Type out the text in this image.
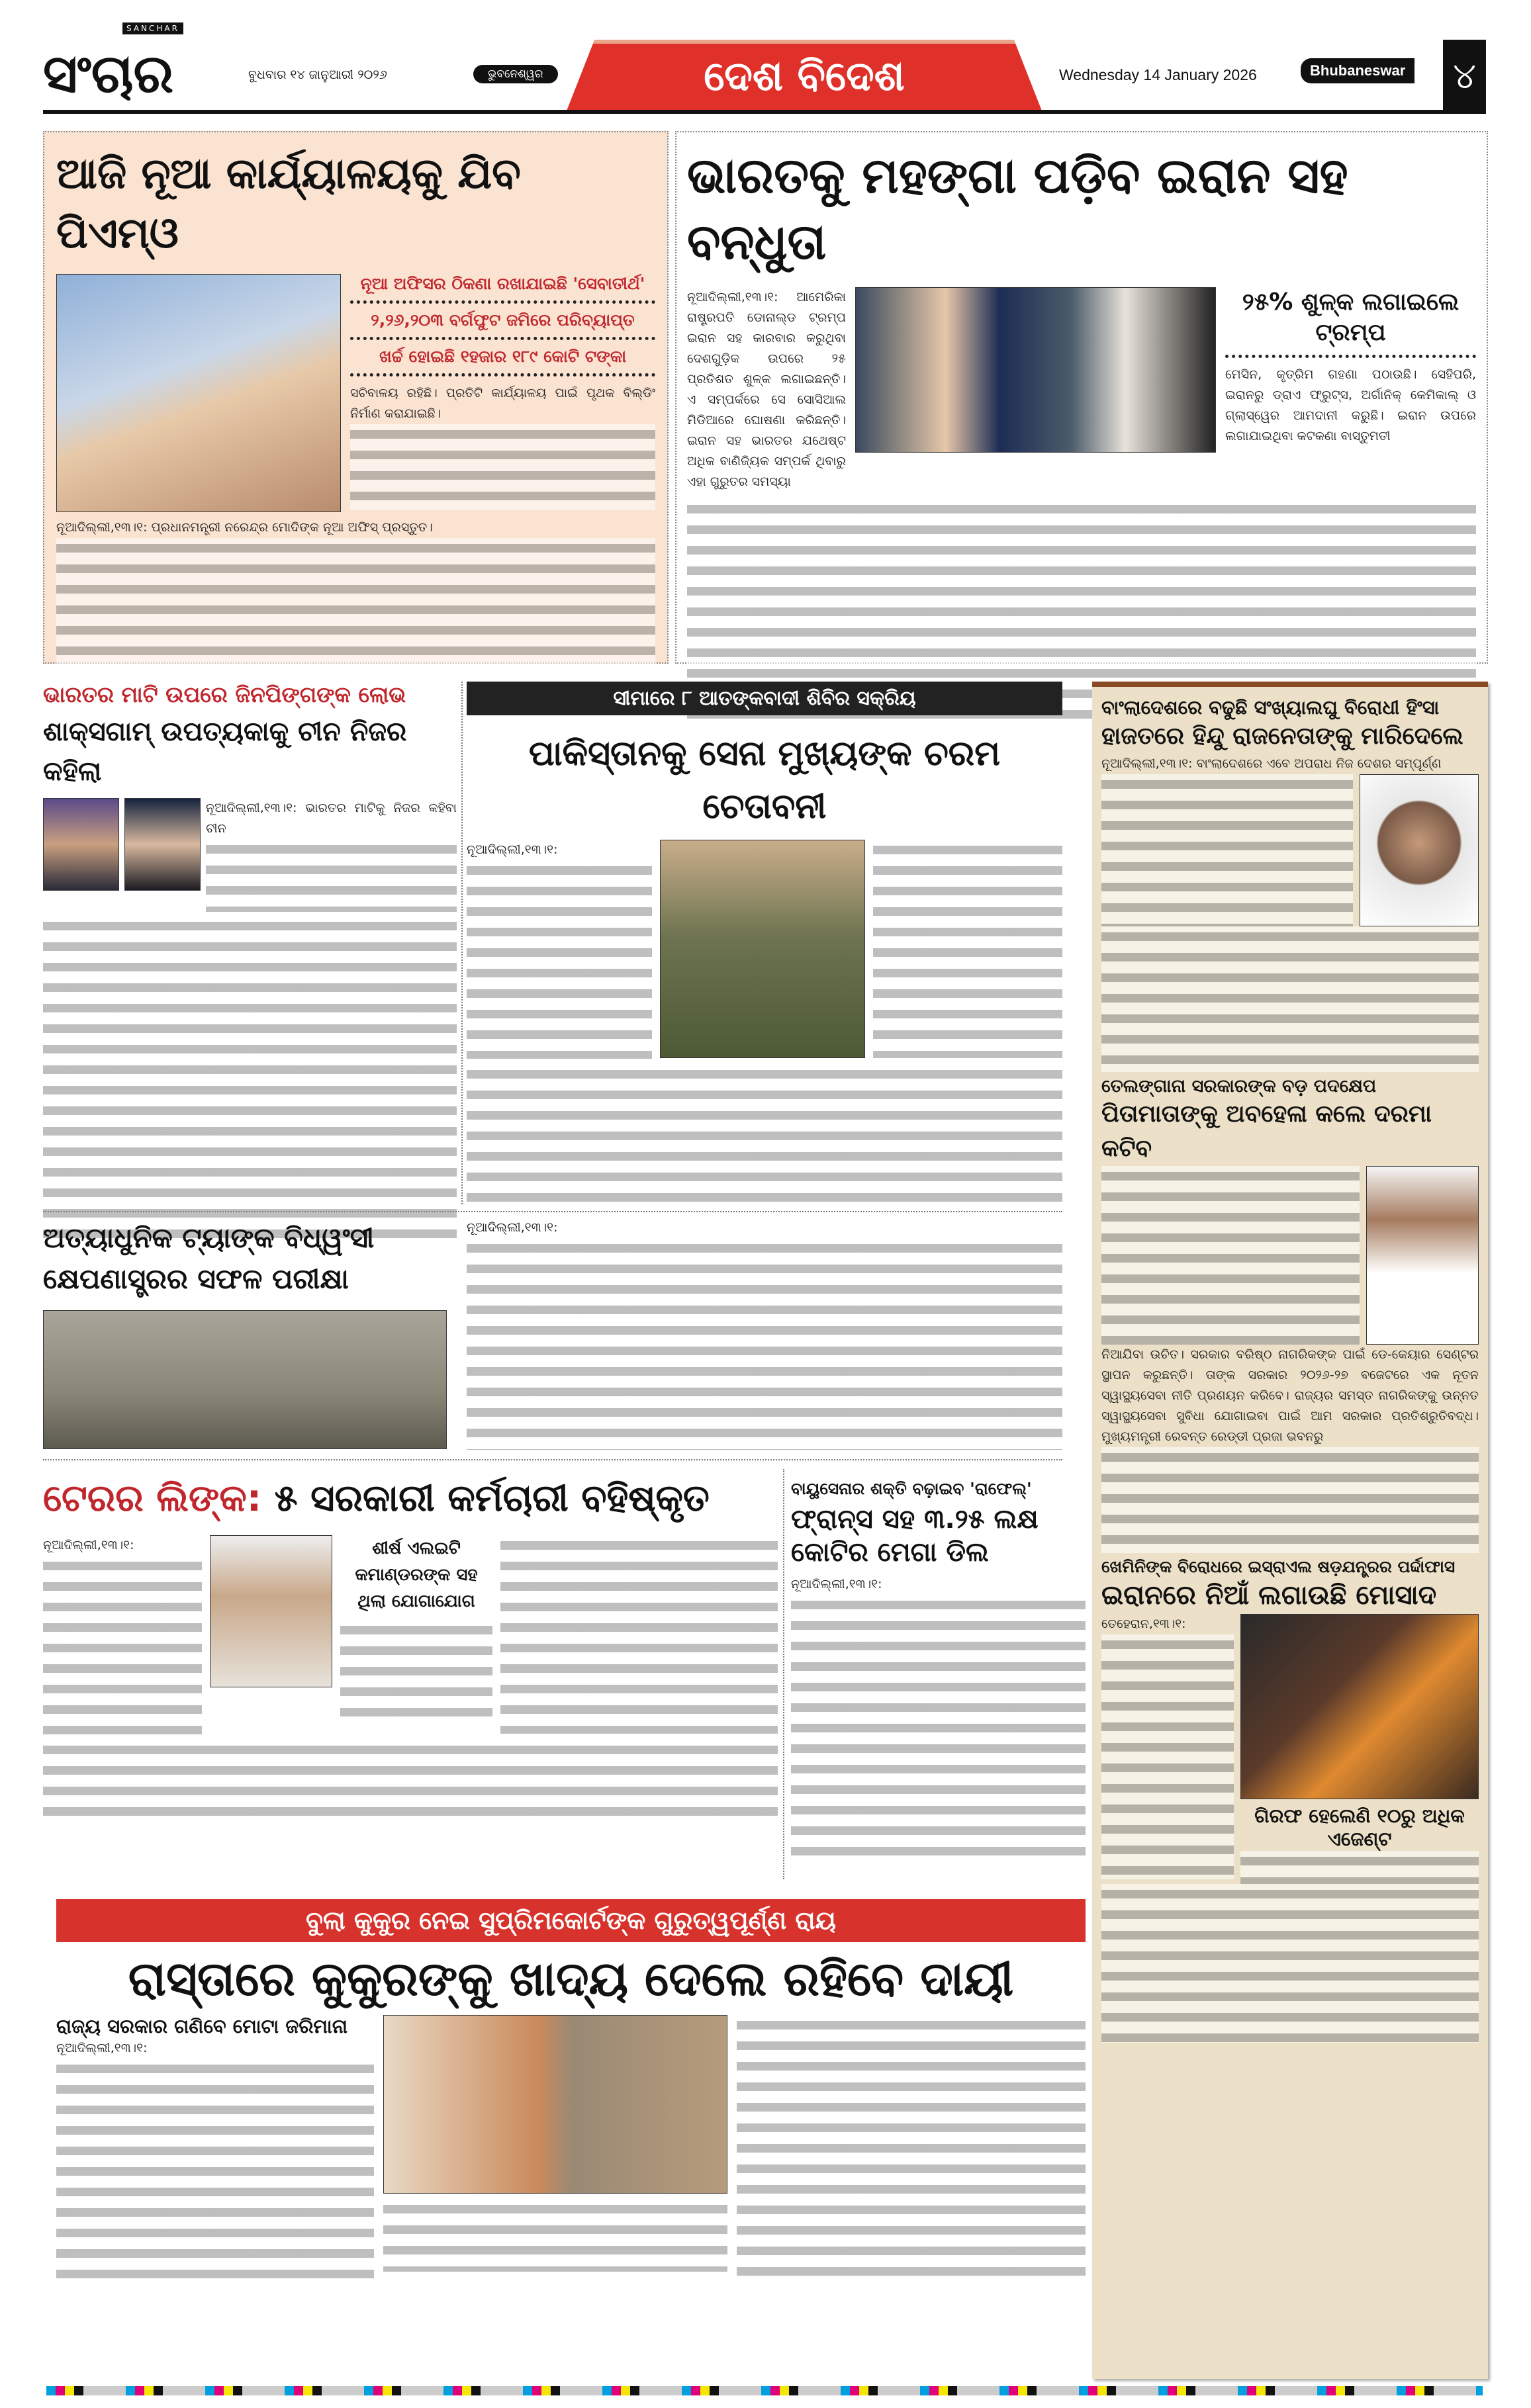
SANCHAR
ସଂଚାର	ବୁଧବାର ୧୪ ଜାନୁଆରୀ ୨୦୨୬	ଭୁବନେଶ୍ୱର	ଦେଶ ବିଦେଶ	Wednesday 14 January 2026	Bhubaneswar ୪
ଆଜି ନୂଆ କାର୍ଯ୍ୟାଳୟକୁ ଯିବ ପିଏମ୍‌ଓ
ନୂଆ ଅଫିସର ଠିକଣା ରଖାଯାଇଛି 'ସେବାତୀର୍ଥ'
୨,୨୬,୨୦୩ ବର୍ଗଫୁଟ ଜମିରେ ପରିବ୍ୟାପ୍ତ
ଖର୍ଚ୍ଚ ହୋଇଛି ୧ହଜାର ୧୮୯ କୋଟି ଟଙ୍କା
ସଚିବାଳୟ ରହିଛି। ପ୍ରତିଟି କାର୍ଯ୍ୟାଳୟ ପାଇଁ ପୃଥକ ବିଲ୍ଡିଂ ନିର୍ମାଣ କରାଯାଇଛି।
ନୂଆଦିଲ୍ଲୀ,୧୩।୧: ପ୍ରଧାନମନ୍ତ୍ରୀ ନରେନ୍ଦ୍ର ମୋଦିଙ୍କ ନୂଆ ଅଫିସ୍ ପ୍ରସ୍ତୁତ।
ଭାରତକୁ ମହଙ୍ଗା ପଡ଼ିବ ଇରାନ ସହ ବନ୍ଧୁତା
ନୂଆଦିଲ୍ଲୀ,୧୩।୧: ଆମେରିକା ରାଷ୍ଟ୍ରପତି ଡୋନାଲ୍ଡ ଟ୍ରମ୍ପ ଇରାନ ସହ କାରବାର କରୁଥିବା ଦେଶଗୁଡ଼ିକ ଉପରେ ୨୫ ପ୍ରତିଶତ ଶୁଳ୍କ ଲଗାଇଛନ୍ତି। ଏ ସମ୍ପର୍କରେ ସେ ସୋସିଆଲ ମିଡିଆରେ ଘୋଷଣା କରିଛନ୍ତି। ଇରାନ ସହ ଭାରତର ଯଥେଷ୍ଟ ଅଧିକ ବାଣିଜ୍ୟିକ ସମ୍ପର୍କ ଥିବାରୁ ଏହା ଗୁରୁତର ସମସ୍ୟା
୨୫% ଶୁଳ୍କ ଲଗାଇଲେ ଟ୍ରମ୍ପ
ମେସିନ, କୃତ୍ରିମ ଗହଣା ପଠାଉଛି। ସେହିପରି, ଇରାନରୁ ଡ୍ରାଏ ଫ୍ରୁଟ୍‌ସ, ଅର୍ଗାନିକ୍ କେମିକାଲ୍ ଓ ଗ୍ଲାସ୍‌ୱେର ଆମଦାନୀ କରୁଛି। ଇରାନ ଉପରେ ଲଗାଯାଇଥିବା କଟକଣା ବାସ୍ତୁମତୀ
ଭାରତର ମାଟି ଉପରେ ଜିନପିଙ୍ଗଙ୍କ ଲୋଭ
ଶାକ୍ସଗାମ୍ ଉପତ୍ୟକାକୁ ଚୀନ ନିଜର କହିଲା
ନୂଆଦିଲ୍ଲୀ,୧୩।୧: ଭାରତର ମାଟିକୁ ନିଜର କହିବା ଚୀନ
ସୀମାରେ ୮ ଆତଙ୍କବାଦୀ ଶିବିର ସକ୍ରିୟ
ପାକିସ୍ତାନକୁ ସେନା ମୁଖ୍ୟଙ୍କ ଚରମ ଚେତାବନୀ
ନୂଆଦିଲ୍ଲୀ,୧୩।୧:
ଅତ୍ୟାଧୁନିକ ଟ୍ୟାଙ୍କ ବିଧ୍ୱଂସୀ କ୍ଷେପଣାସ୍ତ୍ରର ସଫଳ ପରୀକ୍ଷା
ନୂଆଦିଲ୍ଲୀ,୧୩।୧:
ଟେରର ଲିଙ୍କ: ୫ ସରକାରୀ କର୍ମଚାରୀ ବହିଷ୍କୃତ
ନୂଆଦିଲ୍ଲୀ,୧୩।୧:	ଶୀର୍ଷ ଏଲଇଟି କମାଣ୍ଡରଙ୍କ ସହ ଥିଲା ଯୋଗାଯୋଗ
ବାୟୁସେନାର ଶକ୍ତି ବଢ଼ାଇବ 'ରାଫେଲ୍'
ଫ୍ରାନ୍ସ ସହ ୩.୨୫ ଲକ୍ଷ କୋଟିର ମେଗା ଡିଲ
ନୂଆଦିଲ୍ଲୀ,୧୩।୧:
ବୁଲା କୁକୁର ନେଇ ସୁପ୍ରିମକୋର୍ଟଙ୍କ ଗୁରୁତ୍ୱପୂର୍ଣ୍ଣ ରାୟ
ରାସ୍ତାରେ କୁକୁରଙ୍କୁ ଖାଦ୍ୟ ଦେଲେ ରହିବେ ଦାୟୀ
ରାଜ୍ୟ ସରକାର ଗଣିବେ ମୋଟା ଜରିମାନା
ନୂଆଦିଲ୍ଲୀ,୧୩।୧:
ବାଂଲାଦେଶରେ ବଢୁଛି ସଂଖ୍ୟାଲଘୁ ବିରୋଧୀ ହିଂସା
ହାଜତରେ ହିନ୍ଦୁ ରାଜନେତାଙ୍କୁ ମାରିଦେଲେ
ନୂଆଦିଲ୍ଲୀ,୧୩।୧: ବାଂଲାଦେଶରେ ଏବେ ଅପରାଧ ନିଜ ଦେଶର ସମ୍ପୂର୍ଣ୍ଣ
ତେଲଙ୍ଗାନା ସରକାରଙ୍କ ବଡ଼ ପଦକ୍ଷେପ
ପିତାମାତାଙ୍କୁ ଅବହେଳା କଲେ ଦରମା କଟିବ
ନିଆଯିବା ଉଚିତ। ସରକାର ବରିଷ୍ଠ ନାଗରିକଙ୍କ ପାଇଁ ଡେ-କେୟାର ସେଣ୍ଟର ସ୍ଥାପନ କରୁଛନ୍ତି। ତାଙ୍କ ସରକାର ୨୦୨୬-୨୭ ବଜେଟରେ ଏକ ନୂତନ ସ୍ୱାସ୍ଥ୍ୟସେବା ନୀତି ପ୍ରଣୟନ କରିବେ। ରାଜ୍ୟର ସମସ୍ତ ନାଗରିକଙ୍କୁ ଉନ୍ନତ ସ୍ୱାସ୍ଥ୍ୟସେବା ସୁବିଧା ଯୋଗାଇବା ପାଇଁ ଆମ ସରକାର ପ୍ରତିଶ୍ରୁତିବଦ୍ଧ। ମୁଖ୍ୟମନ୍ତ୍ରୀ ରେବନ୍ତ ରେଡ୍ଡୀ ପ୍ରଜା ଭବନରୁ
ଖେମିନିଙ୍କ ବିରୋଧରେ ଇସ୍ରାଏଲ ଷଡ଼ଯନ୍ତ୍ରର ପର୍ଦ୍ଦାଫାସ
ଇରାନରେ ନିଆଁ ଲଗାଉଛି ମୋସାଦ
ତେହେରାନ,୧୩।୧:
ଗିରଫ ହେଲେଣି ୧୦ରୁ ଅଧିକ ଏଜେଣ୍ଟ
